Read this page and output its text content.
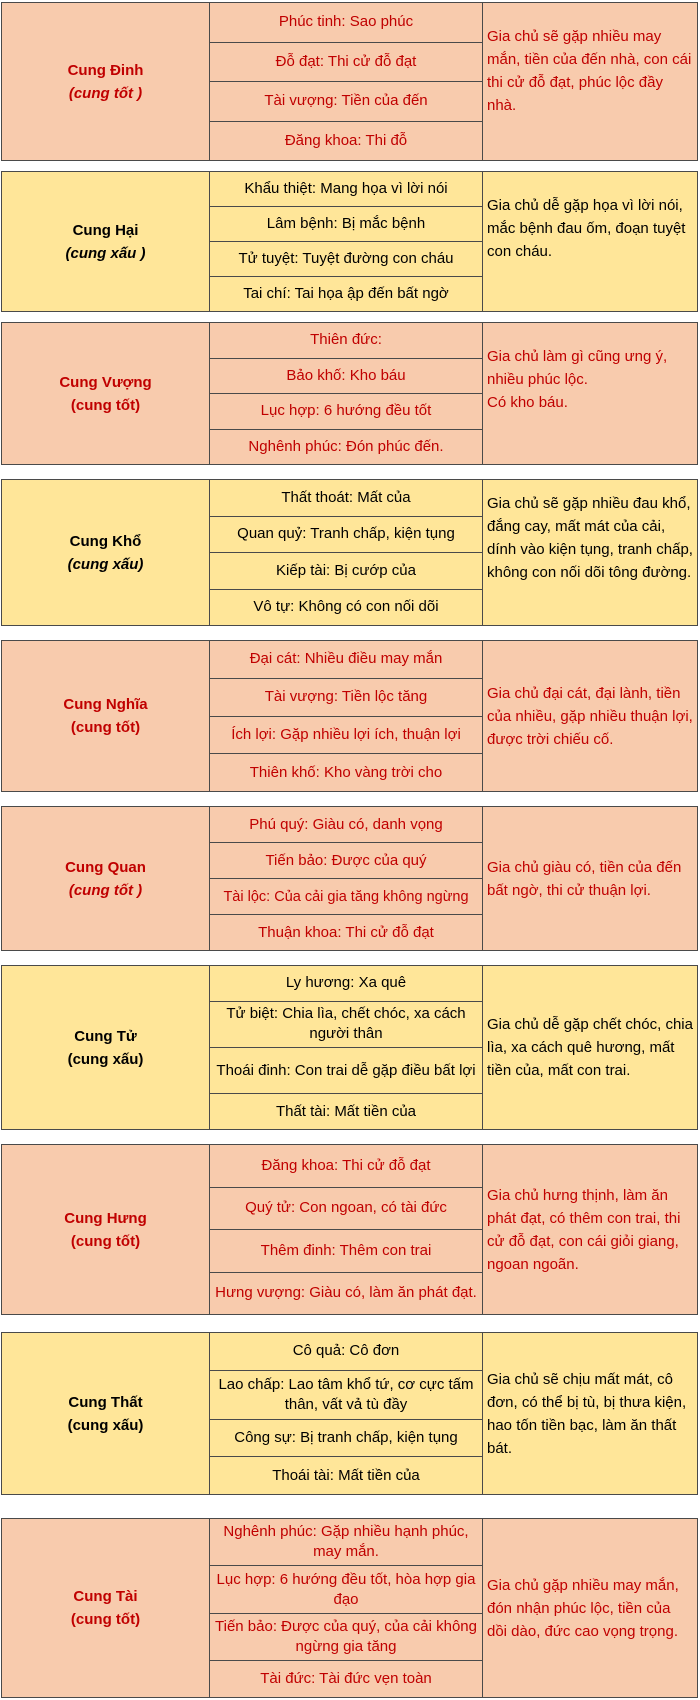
Cung Đinh
(cung tốt )
Phúc tinh: Sao phúc
Đỗ đạt: Thi cử đỗ đạt
Tài vượng: Tiền của đến
Đăng khoa: Thi đỗ
Gia chủ sẽ gặp nhiều may mắn, tiền của đến nhà, con cái thi cử đỗ đạt, phúc lộc đầy nhà.
Cung Hại
(cung xấu )
Khẩu thiệt: Mang họa vì lời nói
Lâm bệnh: Bị mắc bệnh
Tử tuyệt: Tuyệt đường con cháu
Tai chí: Tai họa ập đến bất ngờ
Gia chủ dễ gặp họa vì lời nói, mắc bệnh đau ốm, đoạn tuyệt con cháu.
Cung Vượng
(cung tốt)
Thiên đức:
Bảo khố: Kho báu
Lục hợp: 6 hướng đều tốt
Nghênh phúc: Đón phúc đến.
Gia chủ làm gì cũng ưng ý, nhiều phúc lộc.
Có kho báu.
Cung Khổ
(cung xấu)
Thất thoát: Mất của
Quan quỷ: Tranh chấp, kiện tụng
Kiếp tài: Bị cướp của
Vô tự: Không có con nối dõi
Gia chủ sẽ gặp nhiều đau khổ, đắng cay, mất mát của cải, dính vào kiện tụng, tranh chấp, không con nối dõi tông đường.
Cung Nghĩa
(cung tốt)
Đại cát: Nhiều điều may mắn
Tài vượng: Tiền lộc tăng
Ích lợi: Gặp nhiều lợi ích, thuận lợi
Thiên khố: Kho vàng trời cho
Gia chủ đại cát, đại lành, tiền của nhiều, gặp nhiều thuận lợi, được trời chiếu cố.
Cung Quan
(cung tốt )
Phú quý: Giàu có, danh vọng
Tiến bảo: Được của quý
Tài lộc: Của cải gia tăng không ngừng
Thuận khoa: Thi cử đỗ đạt
Gia chủ giàu có, tiền của đến bất ngờ, thi cử thuận lợi.
Cung Tử
(cung xấu)
Ly hương: Xa quê
Tử biệt: Chia lìa, chết chóc, xa cách người thân
Thoái đinh: Con trai dễ gặp điều bất lợi
Thất tài: Mất tiền của
Gia chủ dễ gặp chết chóc, chia lìa, xa cách quê hương, mất tiền của, mất con trai.
Cung Hưng
(cung tốt)
Đăng khoa: Thi cử đỗ đạt
Quý tử: Con ngoan, có tài đức
Thêm đinh: Thêm con trai
Hưng vượng: Giàu có, làm ăn phát đạt.
Gia chủ hưng thịnh, làm ăn phát đạt, có thêm con trai, thi cử đỗ đạt, con cái giỏi giang, ngoan ngoãn.
Cung Thất
(cung xấu)
Cô quả: Cô đơn
Lao chấp: Lao tâm khổ tứ, cơ cực tấm thân, vất vả tù đầy
Công sự: Bị tranh chấp, kiện tụng
Thoái tài: Mất tiền của
Gia chủ sẽ chịu mất mát, cô đơn, có thể bị tù, bị thưa kiện, hao tốn tiền bạc, làm ăn thất bát.
Cung Tài
(cung tốt)
Nghênh phúc: Gặp nhiều hạnh phúc, may mắn.
Lục hợp: 6 hướng đều tốt, hòa hợp gia đạo
Tiến bảo: Được của quý, của cải không ngừng gia tăng
Tài đức: Tài đức vẹn toàn
Gia chủ gặp nhiều may mắn, đón nhận phúc lộc, tiền của dồi dào, đức cao vọng trọng.
